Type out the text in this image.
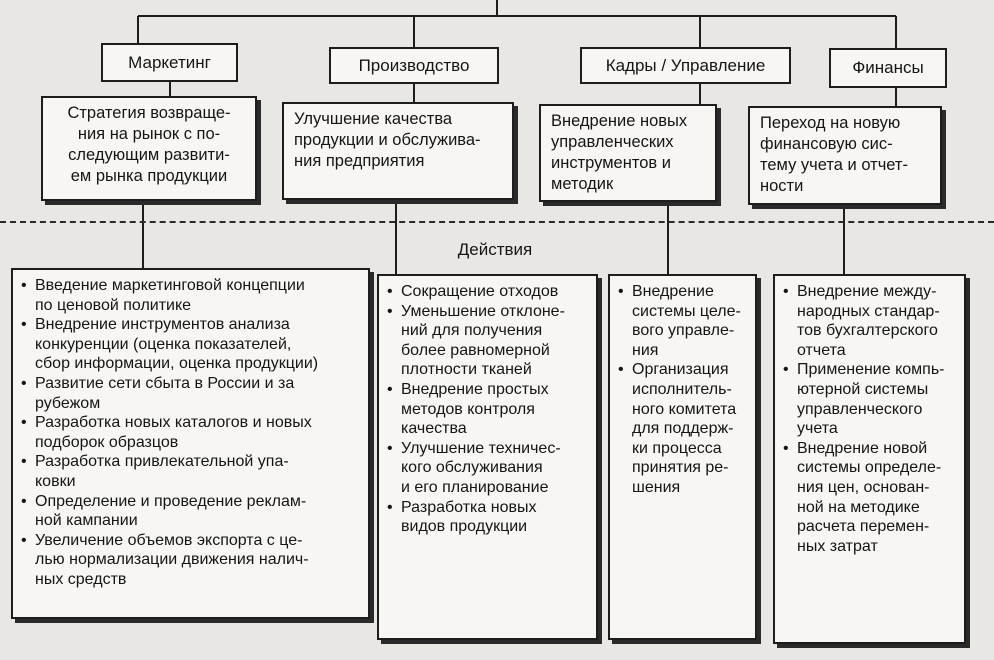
Маркетинг	Производство	Кадры / Управление	Финансы
Стратегия возвраще-
ния на рынок с по-
следующим развити-
ем рынка продукции
Улучшение качества
продукции и обслужива-
ния предприятия
Внедрение новых
управленческих
инструментов и
методик
Переход на новую
финансовую сис-
тему учета и отчет-
ности
Действия
• Введение маркетинговой концепции
по ценовой политике
• Внедрение инструментов анализа
конкуренции (оценка показателей,
сбор информации, оценка продукции)
• Развитие сети сбыта в России и за
рубежом
• Разработка новых каталогов и новых
подборок образцов
• Разработка привлекательной упа-
ковки
• Определение и проведение реклам-
ной кампании
• Увеличение объемов экспорта с це-
лью нормализации движения налич-
ных средств
• Сокращение отходов
• Уменьшение отклоне-
ний для получения
более равномерной
плотности тканей
• Внедрение простых
методов контроля
качества
• Улучшение техничес-
кого обслуживания
и его планирование
• Разработка новых
видов продукции
• Внедрение
системы целе-
вого управле-
ния
• Организация
исполнитель-
ного комитета
для поддерж-
ки процесса
принятия ре-
шения
• Внедрение между-
народных стандар-
тов бухгалтерского
отчета
• Применение компь-
ютерной системы
управленческого
учета
• Внедрение новой
системы определе-
ния цен, основан-
ной на методике
расчета перемен-
ных затрат
